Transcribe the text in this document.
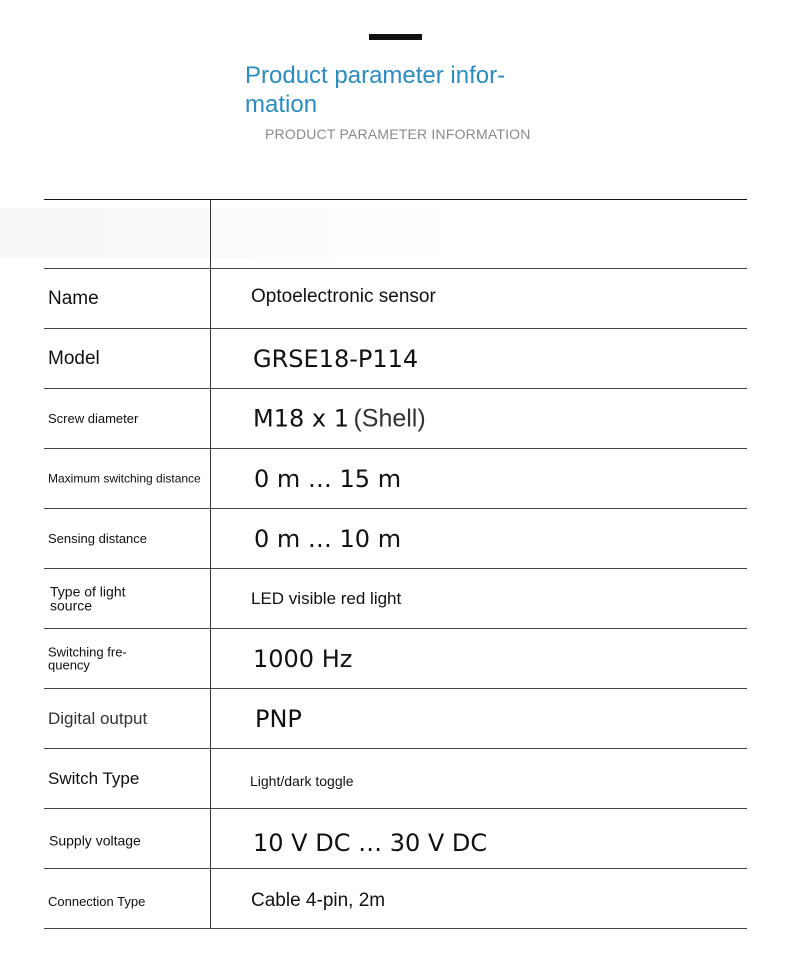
Product parameter infor- mation
PRODUCT PARAMETER INFORMATION
Name	Optoelectronic sensor
Model	GRSE18-P114
Screw diameter	M18 x 1 (Shell)
Maximum switching distance 0 m … 15 m
Sensing distance	0 m … 10 m
Type of light source	LED visible red light
Switching fre- quency	1000 Hz
Digital output	PNP
Switch Type	Light/dark toggle
Supply voltage	10 V DC … 30 V DC
Connection Type	Cable 4-pin, 2m
